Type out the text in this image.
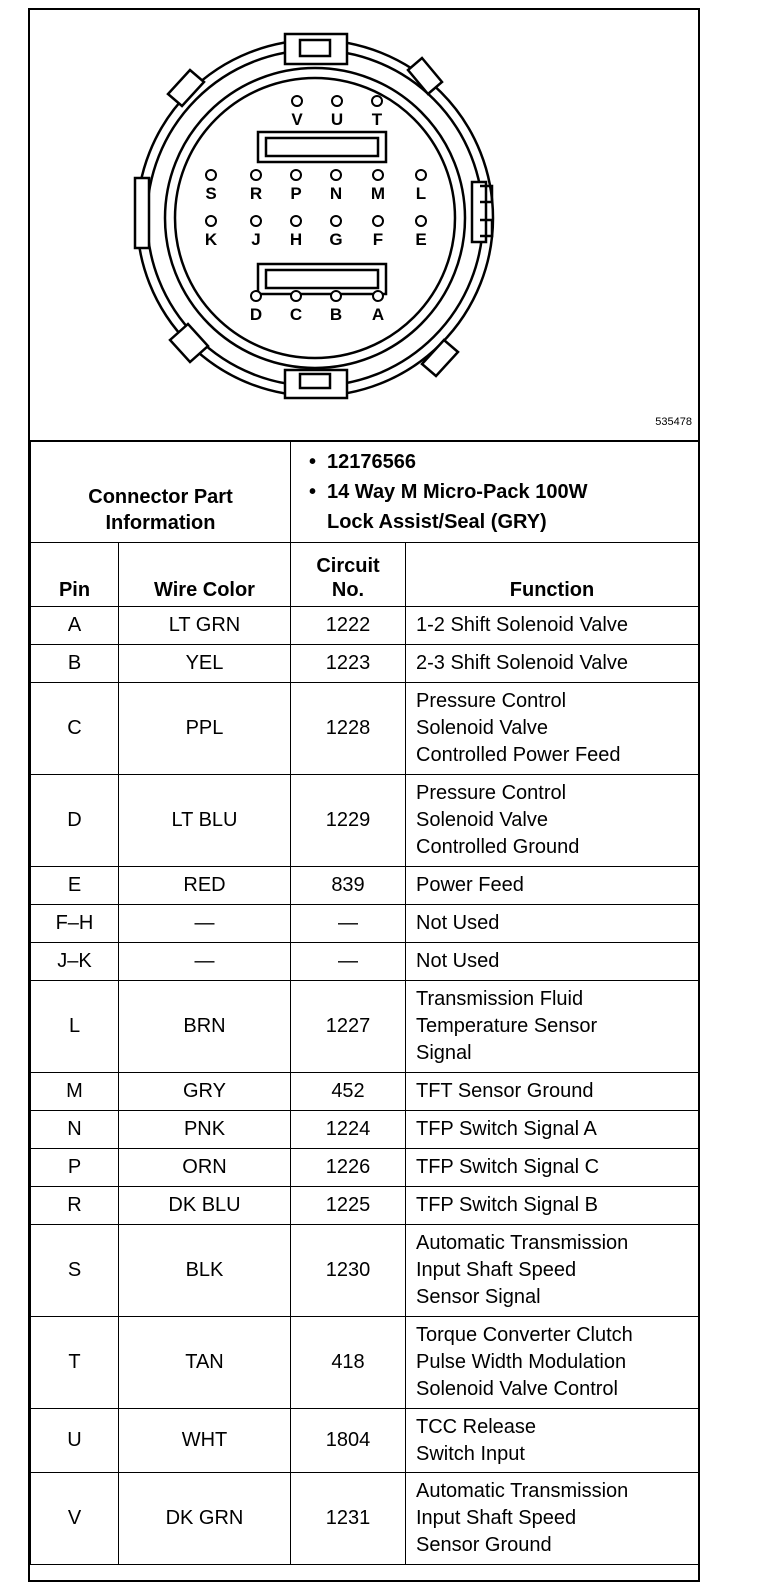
V U T
S R P N M L
K J H G F E
D C B A
535478
Connector Part
Information		• 12176566
• 14 Way M Micro-Pack 100W
Lock Assist/Seal (GRY)
Pin	Wire Color	Circuit
No.	Function
A	LT GRN	1222	1-2 Shift Solenoid Valve

B	YEL	1223	2-3 Shift Solenoid Valve

C	PPL	1228	Pressure Control
Solenoid Valve
Controlled Power Feed

D	LT BLU	1229	Pressure Control
Solenoid Valve
Controlled Ground

E	RED	839	Power Feed

F–H	—	—	Not Used

J–K	—	—	Not Used

L	BRN	1227	Transmission Fluid
Temperature Sensor
Signal

M	GRY	452	TFT Sensor Ground

N	PNK	1224	TFP Switch Signal A

P	ORN	1226	TFP Switch Signal C

R	DK BLU	1225	TFP Switch Signal B

S	BLK	1230	Automatic Transmission
Input Shaft Speed
Sensor Signal

T	TAN	418	Torque Converter Clutch
Pulse Width Modulation
Solenoid Valve Control

U	WHT	1804	TCC Release
Switch Input

V	DK GRN	1231	Automatic Transmission
Input Shaft Speed
Sensor Ground
